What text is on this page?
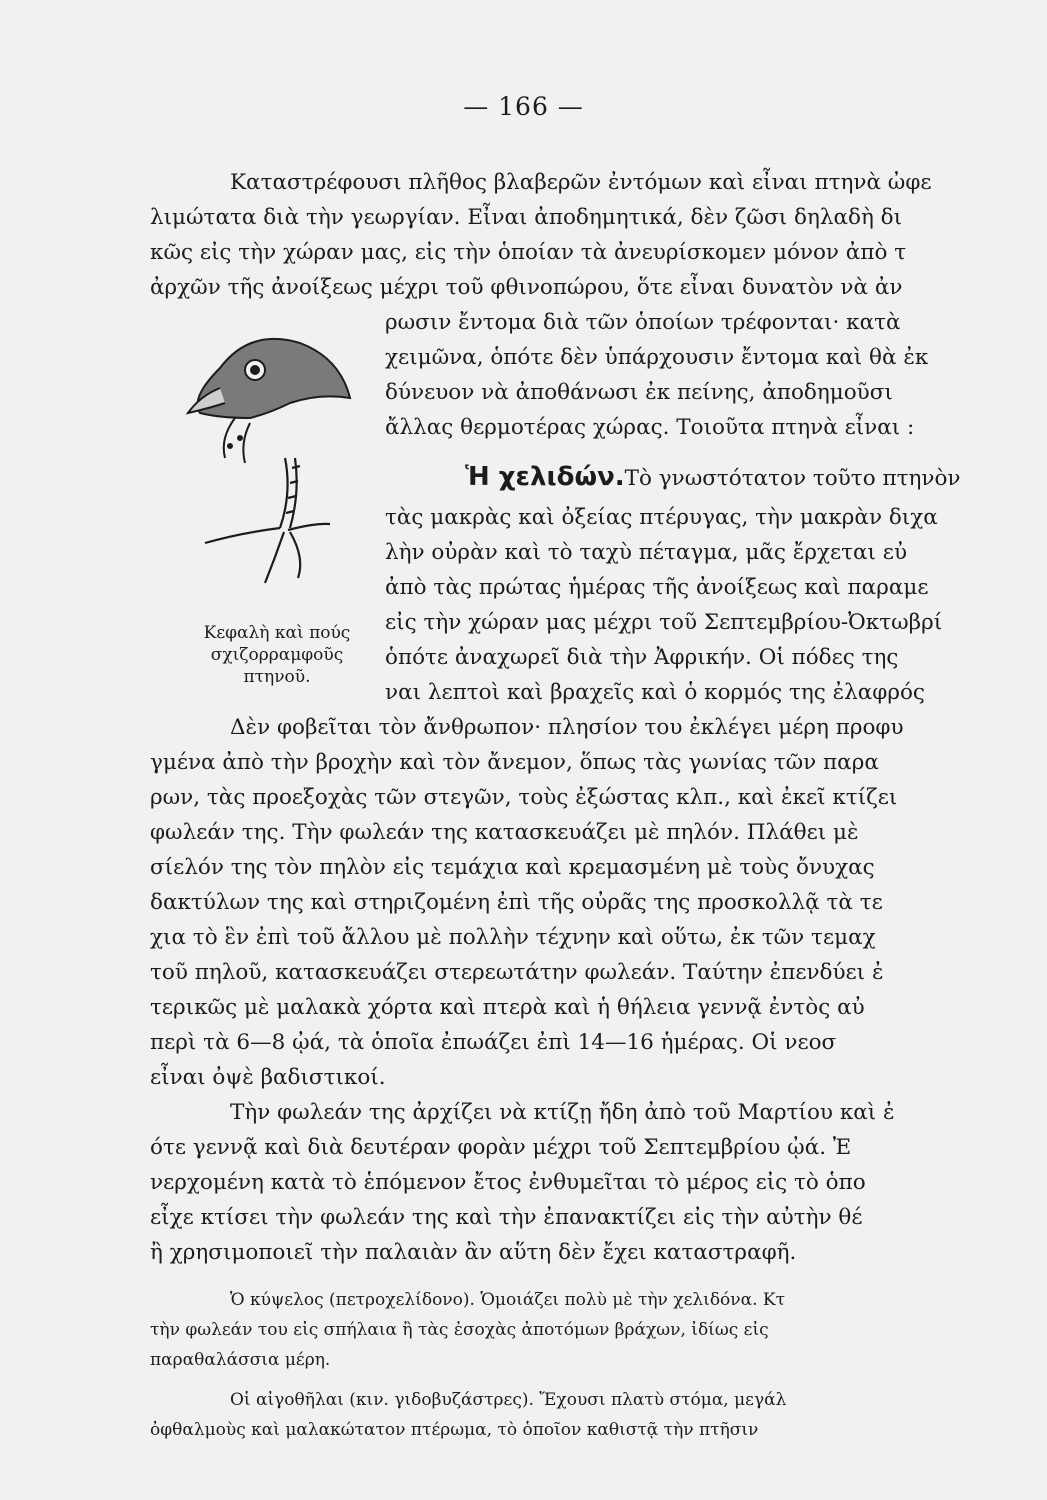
— 166 —
Καταστρέφουσι πλῆθος βλαβερῶν ἐντόμων καὶ εἶναι πτηνὰ ὠφε
λιμώτατα διὰ τὴν γεωργίαν. Εἶναι ἀποδημητικά, δὲν ζῶσι δηλαδὴ δι
κῶς εἰς τὴν χώραν μας, εἰς τὴν ὁποίαν τὰ ἀνευρίσκομεν μόνον ἀπὸ τ
ἀρχῶν τῆς ἀνοίξεως μέχρι τοῦ φθινοπώρου, ὅτε εἶναι δυνατὸν νὰ ἀν
ρωσιν ἔντομα διὰ τῶν ὁποίων τρέφονται· κατὰ
χειμῶνα, ὁπότε δὲν ὑπάρχουσιν ἔντομα καὶ θὰ ἐκ
δύνευον νὰ ἀποθάνωσι ἐκ πείνης, ἀποδημοῦσι
ἄλλας θερμοτέρας χώρας. Τοιοῦτα πτηνὰ εἶναι :
Ἡ χελιδών.Τὸ γνωστότατον τοῦτο πτηνὸν
τὰς μακρὰς καὶ ὀξείας πτέρυγας, τὴν μακρὰν διχα
λὴν οὐρὰν καὶ τὸ ταχὺ πέταγμα, μᾶς ἔρχεται εὐ
ἀπὸ τὰς πρώτας ἡμέρας τῆς ἀνοίξεως καὶ παραμε
εἰς τὴν χώραν μας μέχρι τοῦ Σεπτεμβρίου-Ὀκτωβρί
ὁπότε ἀναχωρεῖ διὰ τὴν Ἀφρικήν. Οἱ πόδες της
ναι λεπτοὶ καὶ βραχεῖς καὶ ὁ κορμός της ἐλαφρός
Κεφαλὴ καὶ πούς
σχιζορραμφοῦς
πτηνοῦ.
Δὲν φοβεῖται τὸν ἄνθρωπον· πλησίον του ἐκλέγει μέρη προφυ
γμένα ἀπὸ τὴν βροχὴν καὶ τὸν ἄνεμον, ὅπως τὰς γωνίας τῶν παρα
ρων, τὰς προεξοχὰς τῶν στεγῶν, τοὺς ἐξώστας κλπ., καὶ ἐκεῖ κτίζει
φωλεάν της. Τὴν φωλεάν της κατασκευάζει μὲ πηλόν. Πλάθει μὲ
σίελόν της τὸν πηλὸν εἰς τεμάχια καὶ κρεμασμένη μὲ τοὺς ὄνυχας
δακτύλων της καὶ στηριζομένη ἐπὶ τῆς οὐρᾶς της προσκολλᾷ τὰ τε
χια τὸ ἓν ἐπὶ τοῦ ἄλλου μὲ πολλὴν τέχνην καὶ οὕτω, ἐκ τῶν τεμαχ
τοῦ πηλοῦ, κατασκευάζει στερεωτάτην φωλεάν. Ταύτην ἐπενδύει ἐ
τερικῶς μὲ μαλακὰ χόρτα καὶ πτερὰ καὶ ἡ θήλεια γεννᾷ ἐντὸς αὐ
περὶ τὰ 6—8 ᾠά, τὰ ὁποῖα ἐπωάζει ἐπὶ 14—16 ἡμέρας. Οἱ νεοσ
εἶναι ὀψὲ βαδιστικοί.
Τὴν φωλεάν της ἀρχίζει νὰ κτίζῃ ἤδη ἀπὸ τοῦ Μαρτίου καὶ ἐ
ότε γεννᾷ καὶ διὰ δευτέραν φορὰν μέχρι τοῦ Σεπτεμβρίου ᾠά. Ἐ
νερχομένη κατὰ τὸ ἑπόμενον ἔτος ἐνθυμεῖται τὸ μέρος εἰς τὸ ὁπο
εἶχε κτίσει τὴν φωλεάν της καὶ τὴν ἐπανακτίζει εἰς τὴν αὐτὴν θέ
ἢ χρησιμοποιεῖ τὴν παλαιὰν ἂν αὕτη δὲν ἔχει καταστραφῆ.
Ὁ κύψελος (πετροχελίδονο). Ὁμοιάζει πολὺ μὲ τὴν χελιδόνα. Κτ
τὴν φωλεάν του εἰς σπήλαια ἢ τὰς ἐσοχὰς ἀποτόμων βράχων, ἰδίως εἰς
παραθαλάσσια μέρη.
Οἱ αἰγοθῆλαι (κιν. γιδοβυζάστρες). Ἔχουσι πλατὺ στόμα, μεγάλ
ὀφθαλμοὺς καὶ μαλακώτατον πτέρωμα, τὸ ὁποῖον καθιστᾷ τὴν πτῆσιν
